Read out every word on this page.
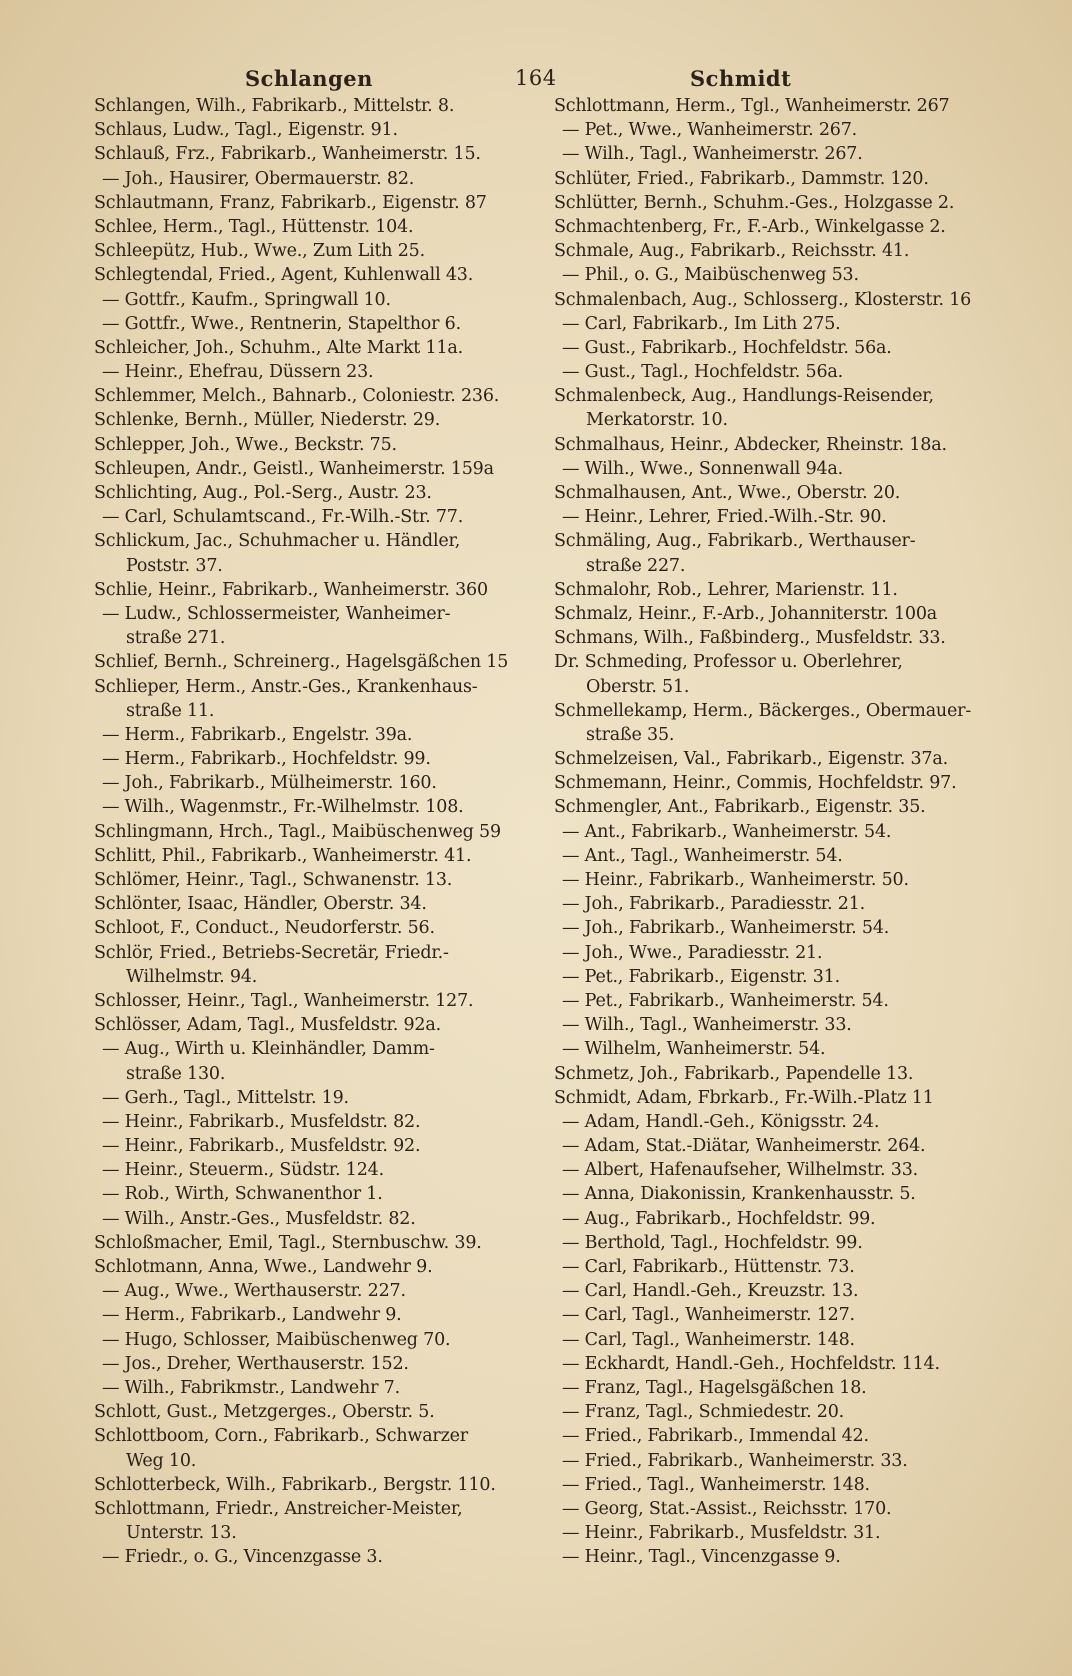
Schlangen	164	Schmidt
Schlangen, Wilh., Fabrikarb., Mittelstr. 8.
Schlaus, Ludw., Tagl., Eigenstr. 91.
Schlauß, Frz., Fabrikarb., Wanheimerstr. 15.
— Joh., Hausirer, Obermauerstr. 82.
Schlautmann, Franz, Fabrikarb., Eigenstr. 87
Schlee, Herm., Tagl., Hüttenstr. 104.
Schleepütz, Hub., Wwe., Zum Lith 25.
Schlegtendal, Fried., Agent, Kuhlenwall 43.
— Gottfr., Kaufm., Springwall 10.
— Gottfr., Wwe., Rentnerin, Stapelthor 6.
Schleicher, Joh., Schuhm., Alte Markt 11a.
— Heinr., Ehefrau, Düssern 23.
Schlemmer, Melch., Bahnarb., Coloniestr. 236.
Schlenke, Bernh., Müller, Niederstr. 29.
Schlepper, Joh., Wwe., Beckstr. 75.
Schleupen, Andr., Geistl., Wanheimerstr. 159a
Schlichting, Aug., Pol.-Serg., Austr. 23.
— Carl, Schulamtscand., Fr.-Wilh.-Str. 77.
Schlickum, Jac., Schuhmacher u. Händler,
Poststr. 37.
Schlie, Heinr., Fabrikarb., Wanheimerstr. 360
— Ludw., Schlossermeister, Wanheimer-
straße 271.
Schlief, Bernh., Schreinerg., Hagelsgäßchen 15
Schlieper, Herm., Anstr.-Ges., Krankenhaus-
straße 11.
— Herm., Fabrikarb., Engelstr. 39a.
— Herm., Fabrikarb., Hochfeldstr. 99.
— Joh., Fabrikarb., Mülheimerstr. 160.
— Wilh., Wagenmstr., Fr.-Wilhelmstr. 108.
Schlingmann, Hrch., Tagl., Maibüschenweg 59
Schlitt, Phil., Fabrikarb., Wanheimerstr. 41.
Schlömer, Heinr., Tagl., Schwanenstr. 13.
Schlönter, Isaac, Händler, Oberstr. 34.
Schloot, F., Conduct., Neudorferstr. 56.
Schlör, Fried., Betriebs-Secretär, Friedr.-
Wilhelmstr. 94.
Schlosser, Heinr., Tagl., Wanheimerstr. 127.
Schlösser, Adam, Tagl., Musfeldstr. 92a.
— Aug., Wirth u. Kleinhändler, Damm-
straße 130.
— Gerh., Tagl., Mittelstr. 19.
— Heinr., Fabrikarb., Musfeldstr. 82.
— Heinr., Fabrikarb., Musfeldstr. 92.
— Heinr., Steuerm., Südstr. 124.
— Rob., Wirth, Schwanenthor 1.
— Wilh., Anstr.-Ges., Musfeldstr. 82.
Schloßmacher, Emil, Tagl., Sternbuschw. 39.
Schlotmann, Anna, Wwe., Landwehr 9.
— Aug., Wwe., Werthauserstr. 227.
— Herm., Fabrikarb., Landwehr 9.
— Hugo, Schlosser, Maibüschenweg 70.
— Jos., Dreher, Werthauserstr. 152.
— Wilh., Fabrikmstr., Landwehr 7.
Schlott, Gust., Metzgerges., Oberstr. 5.
Schlottboom, Corn., Fabrikarb., Schwarzer
Weg 10.
Schlotterbeck, Wilh., Fabrikarb., Bergstr. 110.
Schlottmann, Friedr., Anstreicher-Meister,
Unterstr. 13.
— Friedr., o. G., Vincenzgasse 3.
Schlottmann, Herm., Tgl., Wanheimerstr. 267
— Pet., Wwe., Wanheimerstr. 267.
— Wilh., Tagl., Wanheimerstr. 267.
Schlüter, Fried., Fabrikarb., Dammstr. 120.
Schlütter, Bernh., Schuhm.-Ges., Holzgasse 2.
Schmachtenberg, Fr., F.-Arb., Winkelgasse 2.
Schmale, Aug., Fabrikarb., Reichsstr. 41.
— Phil., o. G., Maibüschenweg 53.
Schmalenbach, Aug., Schlosserg., Klosterstr. 16
— Carl, Fabrikarb., Im Lith 275.
— Gust., Fabrikarb., Hochfeldstr. 56a.
— Gust., Tagl., Hochfeldstr. 56a.
Schmalenbeck, Aug., Handlungs-Reisender,
Merkatorstr. 10.
Schmalhaus, Heinr., Abdecker, Rheinstr. 18a.
— Wilh., Wwe., Sonnenwall 94a.
Schmalhausen, Ant., Wwe., Oberstr. 20.
— Heinr., Lehrer, Fried.-Wilh.-Str. 90.
Schmäling, Aug., Fabrikarb., Werthauser-
straße 227.
Schmalohr, Rob., Lehrer, Marienstr. 11.
Schmalz, Heinr., F.-Arb., Johanniterstr. 100a
Schmans, Wilh., Faßbinderg., Musfeldstr. 33.
Dr. Schmeding, Professor u. Oberlehrer,
Oberstr. 51.
Schmellekamp, Herm., Bäckerges., Obermauer-
straße 35.
Schmelzeisen, Val., Fabrikarb., Eigenstr. 37a.
Schmemann, Heinr., Commis, Hochfeldstr. 97.
Schmengler, Ant., Fabrikarb., Eigenstr. 35.
— Ant., Fabrikarb., Wanheimerstr. 54.
— Ant., Tagl., Wanheimerstr. 54.
— Heinr., Fabrikarb., Wanheimerstr. 50.
— Joh., Fabrikarb., Paradiesstr. 21.
— Joh., Fabrikarb., Wanheimerstr. 54.
— Joh., Wwe., Paradiesstr. 21.
— Pet., Fabrikarb., Eigenstr. 31.
— Pet., Fabrikarb., Wanheimerstr. 54.
— Wilh., Tagl., Wanheimerstr. 33.
— Wilhelm, Wanheimerstr. 54.
Schmetz, Joh., Fabrikarb., Papendelle 13.
Schmidt, Adam, Fbrkarb., Fr.-Wilh.-Platz 11
— Adam, Handl.-Geh., Königsstr. 24.
— Adam, Stat.-Diätar, Wanheimerstr. 264.
— Albert, Hafenaufseher, Wilhelmstr. 33.
— Anna, Diakonissin, Krankenhausstr. 5.
— Aug., Fabrikarb., Hochfeldstr. 99.
— Berthold, Tagl., Hochfeldstr. 99.
— Carl, Fabrikarb., Hüttenstr. 73.
— Carl, Handl.-Geh., Kreuzstr. 13.
— Carl, Tagl., Wanheimerstr. 127.
— Carl, Tagl., Wanheimerstr. 148.
— Eckhardt, Handl.-Geh., Hochfeldstr. 114.
— Franz, Tagl., Hagelsgäßchen 18.
— Franz, Tagl., Schmiedestr. 20.
— Fried., Fabrikarb., Immendal 42.
— Fried., Fabrikarb., Wanheimerstr. 33.
— Fried., Tagl., Wanheimerstr. 148.
— Georg, Stat.-Assist., Reichsstr. 170.
— Heinr., Fabrikarb., Musfeldstr. 31.
— Heinr., Tagl., Vincenzgasse 9.
